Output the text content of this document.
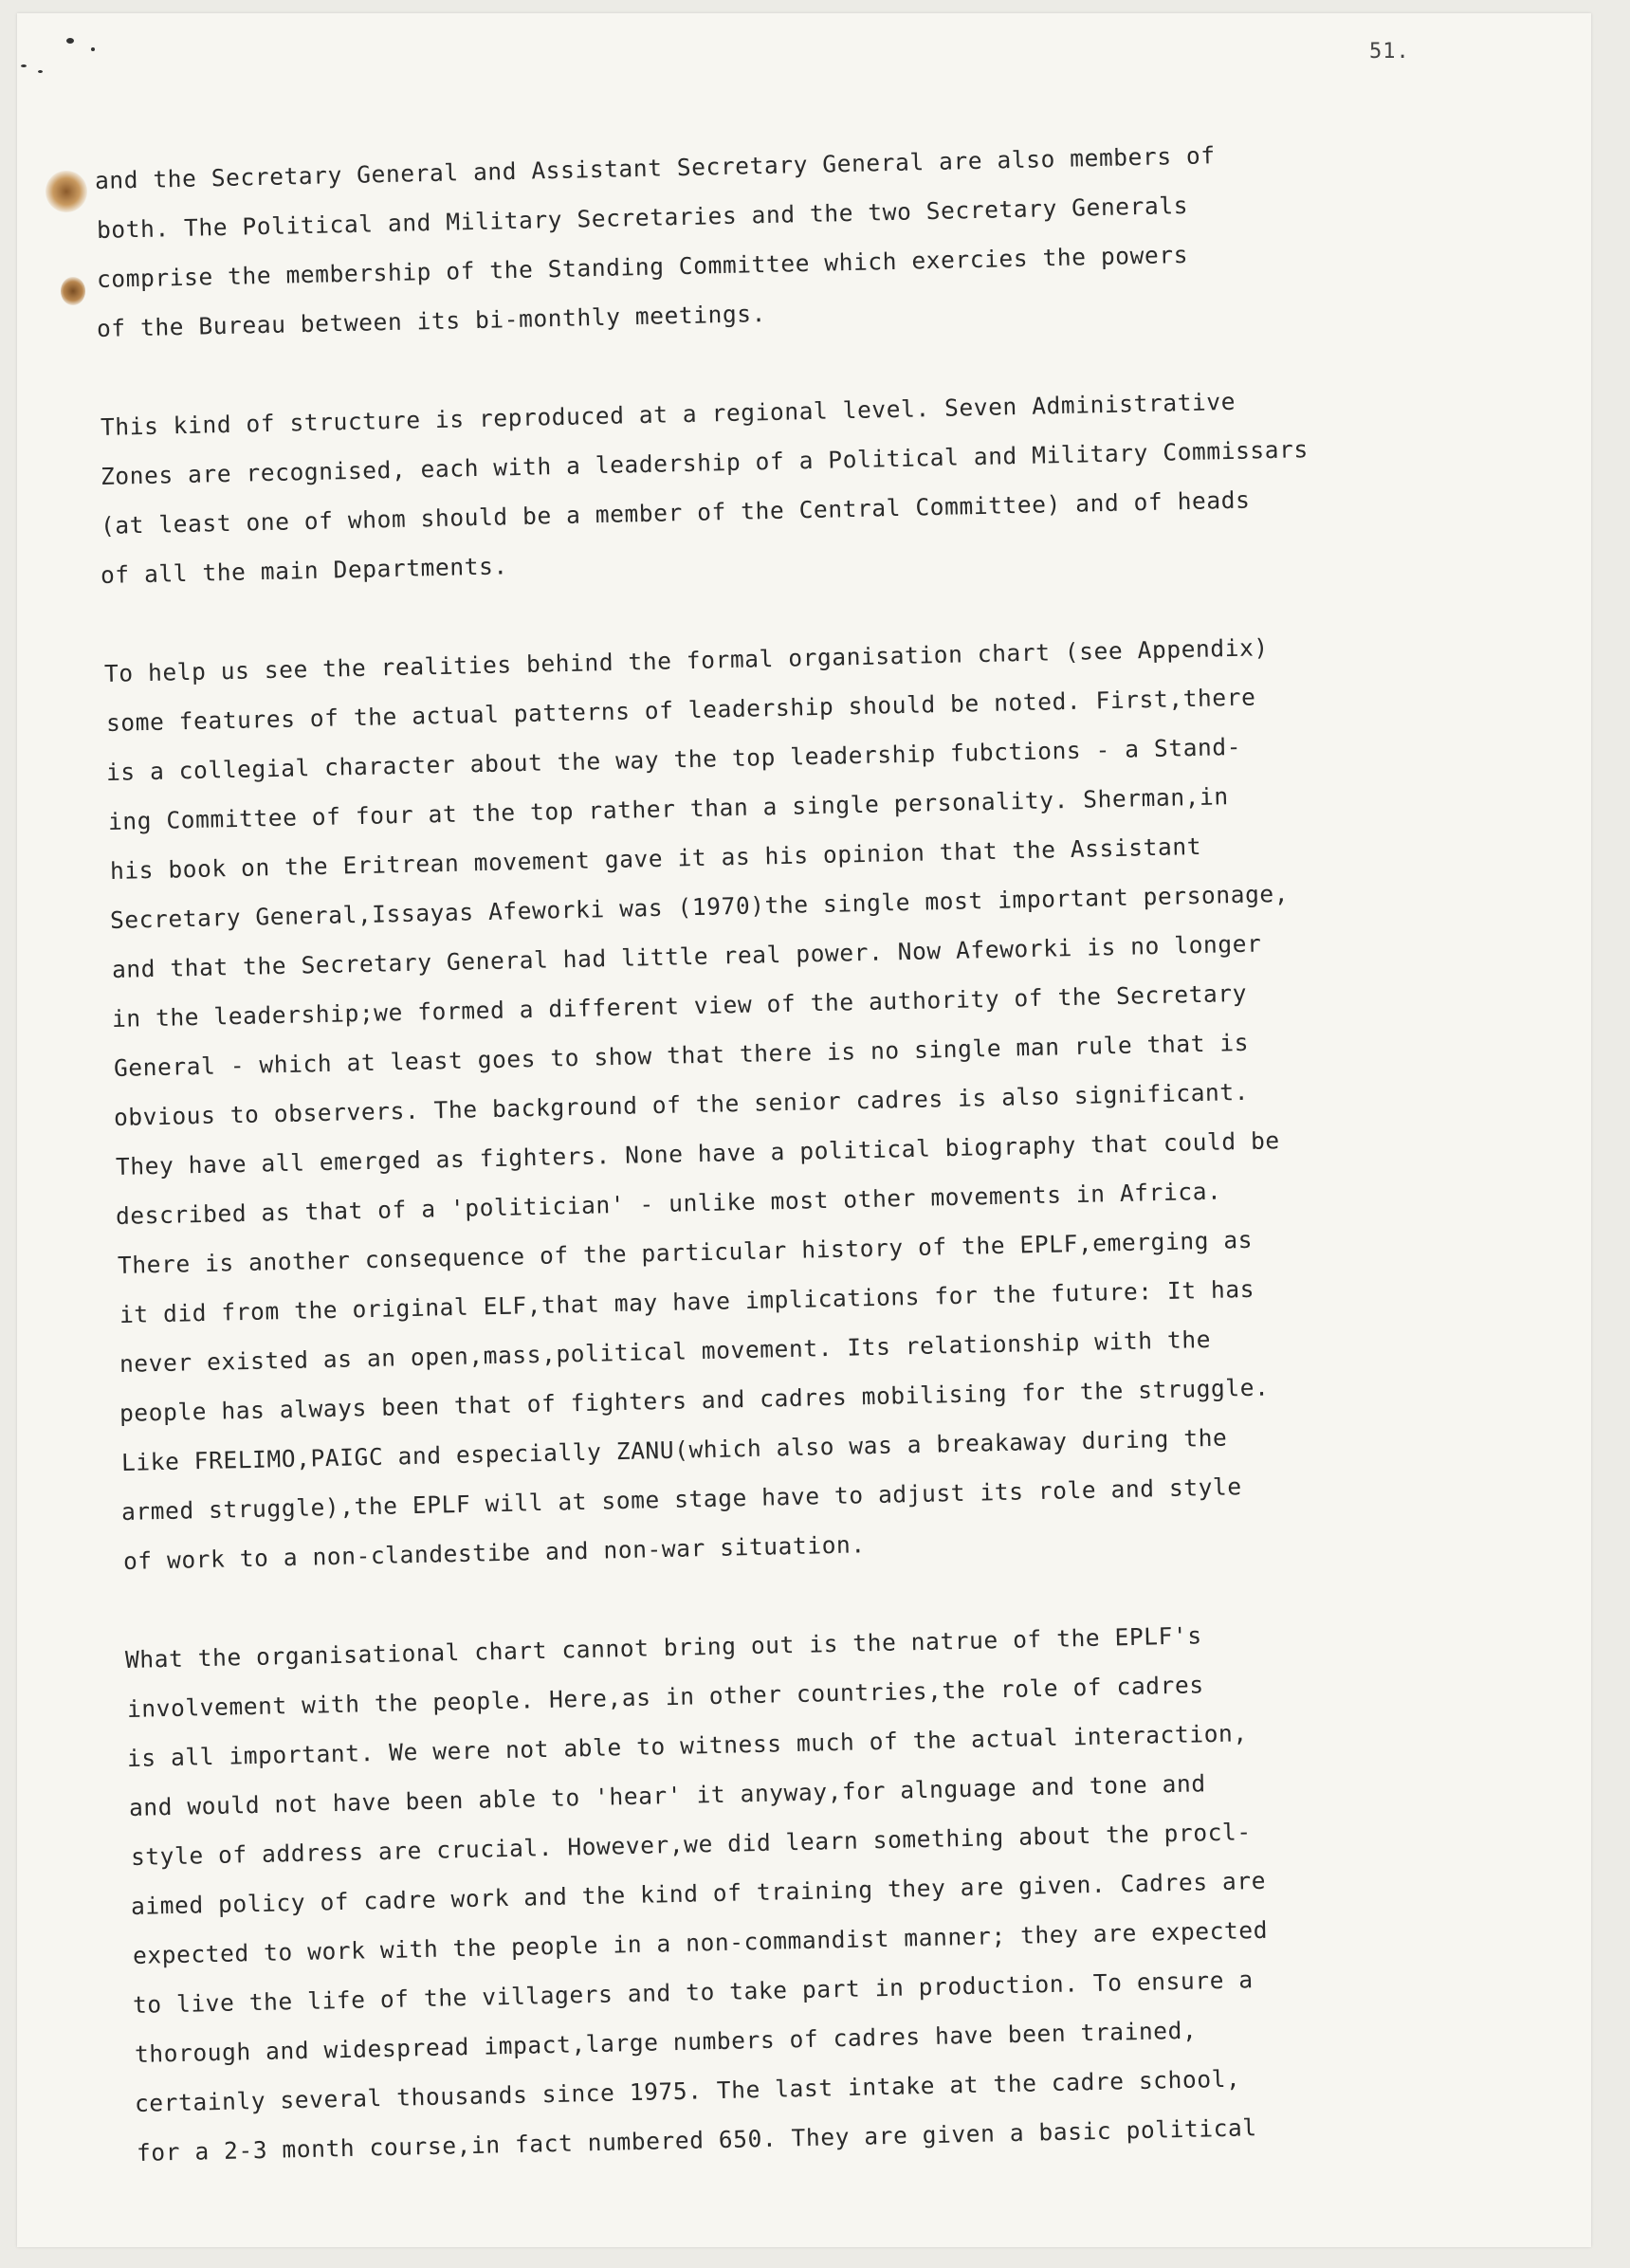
51.
and the Secretary General and Assistant Secretary General are also members of
both. The Political and Military Secretaries and the two Secretary Generals
comprise the membership of the Standing Committee which exercies the powers
of the Bureau between its bi-monthly meetings.
This kind of structure is reproduced at a regional level. Seven Administrative
Zones are recognised, each with a leadership of a Political and Military Commissars
(at least one of whom should be a member of the Central Committee) and of heads
of all the main Departments.
To help us see the realities behind the formal organisation chart (see Appendix)
some features of the actual patterns of leadership should be noted. First,there
is a collegial character about the way the top leadership fubctions - a Stand-
ing Committee of four at the top rather than a single personality. Sherman,in
his book on the Eritrean movement gave it as his opinion that the Assistant
Secretary General,Issayas Afeworki was (1970)the single most important personage,
and that the Secretary General had little real power. Now Afeworki is no longer
in the leadership;we formed a different view of the authority of the Secretary
General - which at least goes to show that there is no single man rule that is
obvious to observers. The background of the senior cadres is also significant.
They have all emerged as fighters. None have a political biography that could be
described as that of a 'politician' - unlike most other movements in Africa.
There is another consequence of the particular history of the EPLF,emerging as
it did from the original ELF,that may have implications for the future: It has
never existed as an open,mass,political movement. Its relationship with the
people has always been that of fighters and cadres mobilising for the struggle.
Like FRELIMO,PAIGC and especially ZANU(which also was a breakaway during the
armed struggle),the EPLF will at some stage have to adjust its role and style
of work to a non-clandestibe and non-war situation.
What the organisational chart cannot bring out is the natrue of the EPLF's
involvement with the people. Here,as in other countries,the role of cadres
is all important. We were not able to witness much of the actual interaction,
and would not have been able to 'hear' it anyway,for alnguage and tone and
style of address are crucial. However,we did learn something about the procl-
aimed policy of cadre work and the kind of training they are given. Cadres are
expected to work with the people in a non-commandist manner; they are expected
to live the life of the villagers and to take part in production. To ensure a
thorough and widespread impact,large numbers of cadres have been trained,
certainly several thousands since 1975. The last intake at the cadre school,
for a 2-3 month course,in fact numbered 650. They are given a basic political
